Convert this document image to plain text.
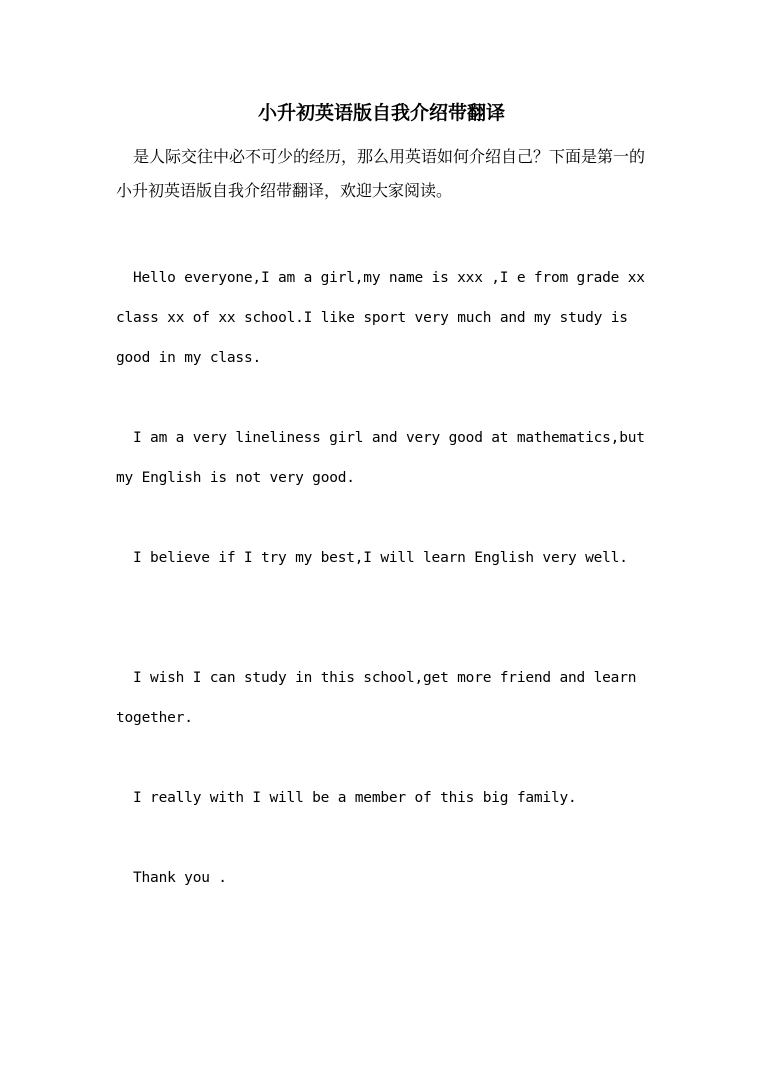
小升初英语版自我介绍带翻译

是人际交往中必不可少的经历，那么用英语如何介绍自己？下面是第一的小升初英语版自我介绍带翻译，欢迎大家阅读。

Hello everyone,I am a girl,my name is xxx ,I e from grade xx class xx of xx school.I like sport very much and my study is good in my class.

I am a very lineliness girl and very good at mathematics,but my English is not very good.

I believe if I try my best,I will learn English very well.

I wish I can study in this school,get more friend and learn together.

I really with I will be a member of this big family.

Thank you .
